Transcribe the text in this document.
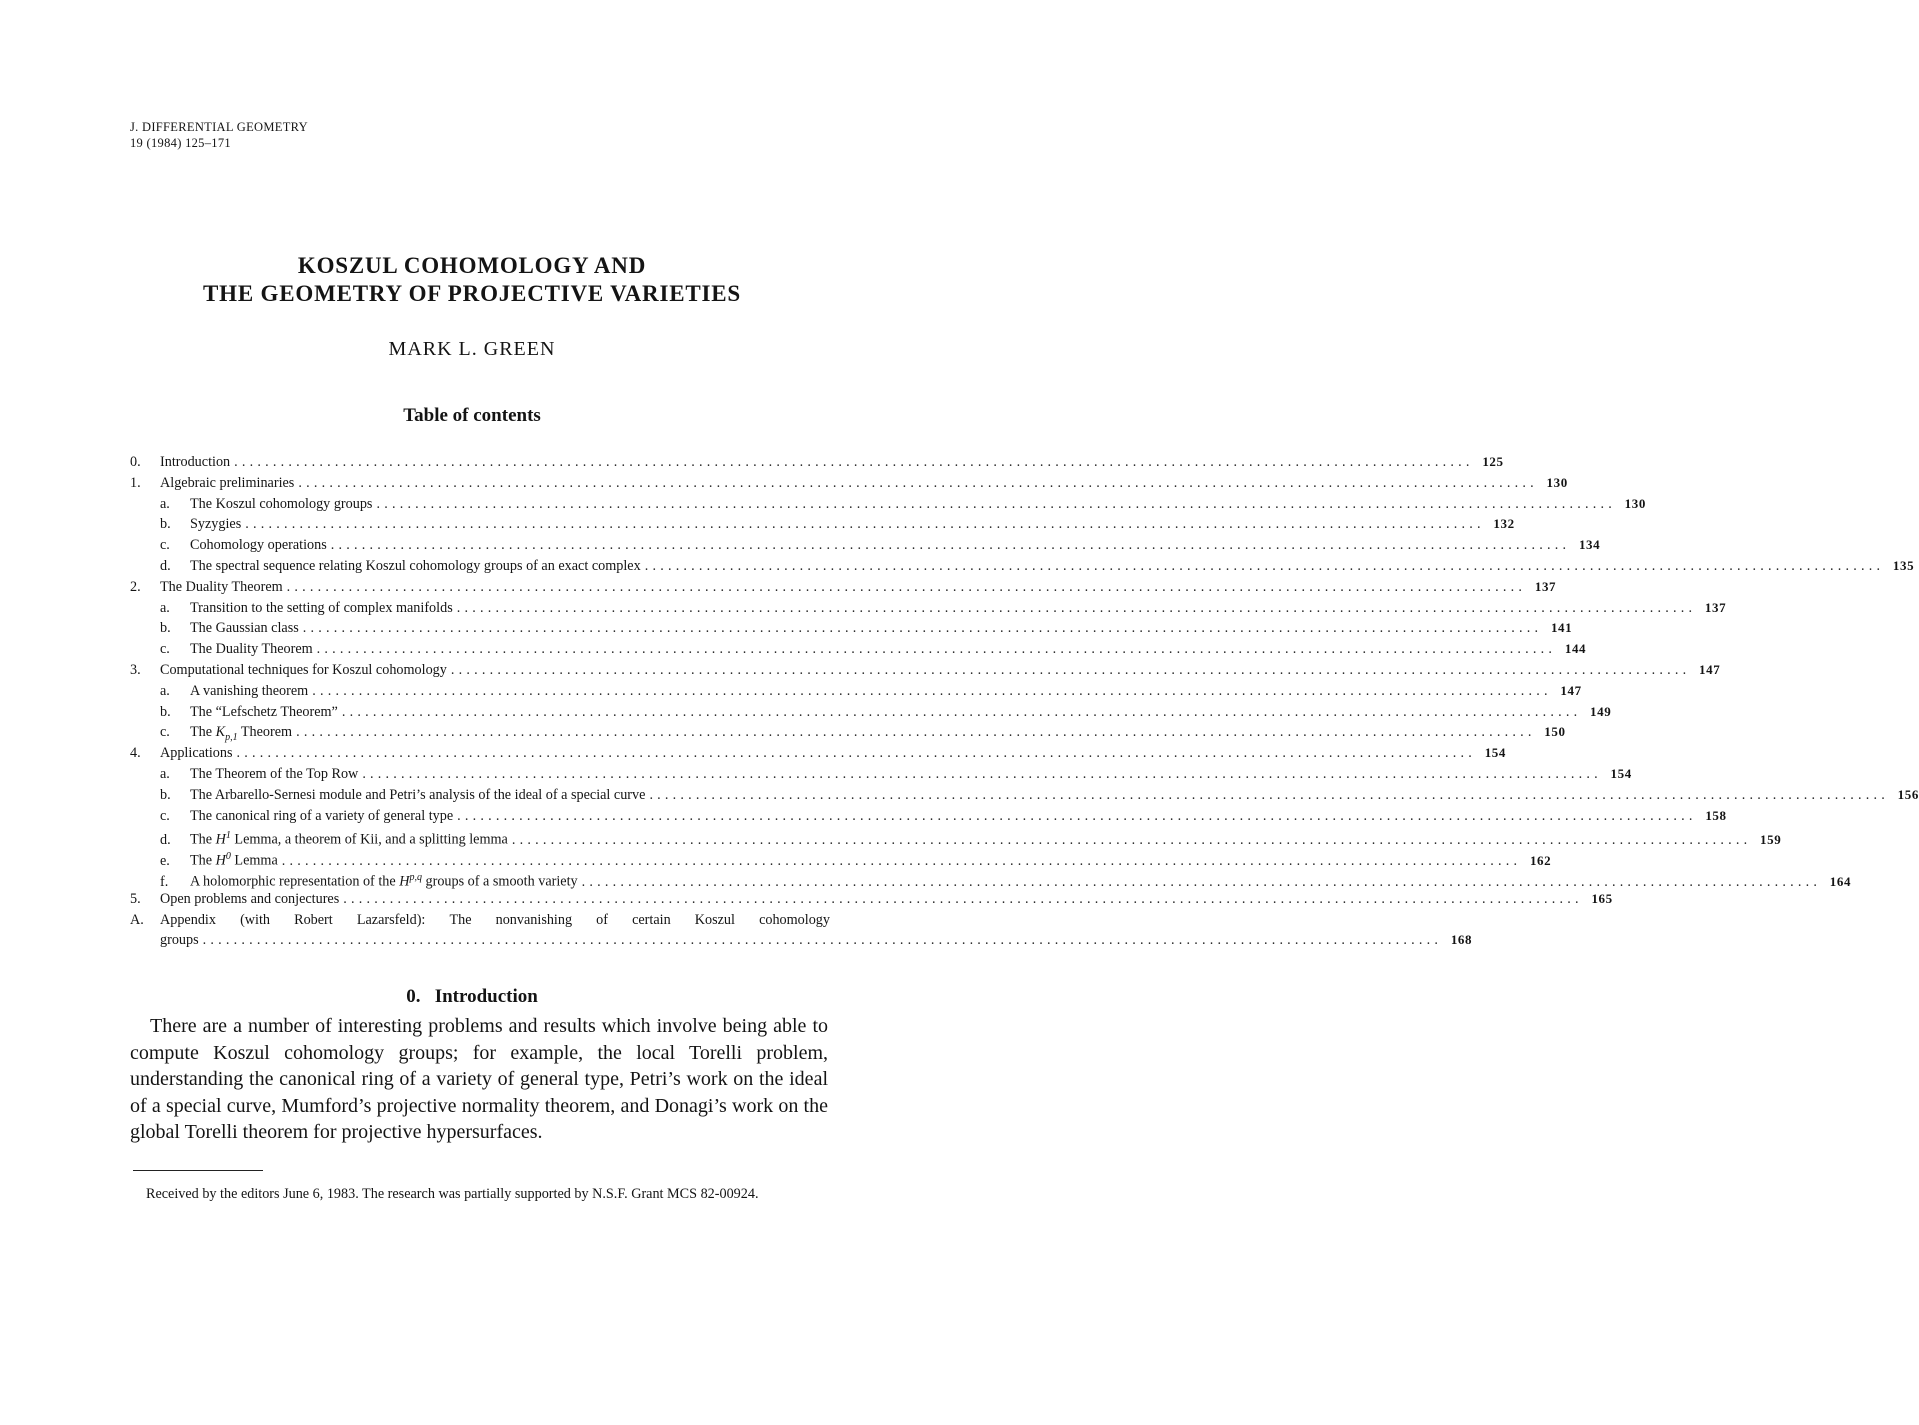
J. DIFFERENTIAL GEOMETRY
19 (1984) 125–171
KOSZUL COHOMOLOGY AND
THE GEOMETRY OF PROJECTIVE VARIETIES
MARK L. GREEN
Table of contents
0.	Introduction ................................................................................................................................................................ 125
1.	Algebraic preliminaries ................................................................................................................................................................ 130
a.	The Koszul cohomology groups ................................................................................................................................................................ 130
b.	Syzygies ................................................................................................................................................................ 132
c.	Cohomology operations ................................................................................................................................................................ 134
d.	The spectral sequence relating Koszul cohomology groups of an exact complex ................................................................................................................................................................ 135
2.	The Duality Theorem ................................................................................................................................................................ 137
a.	Transition to the setting of complex manifolds ................................................................................................................................................................ 137
b.	The Gaussian class ................................................................................................................................................................ 141
c.	The Duality Theorem ................................................................................................................................................................ 144
3.	Computational techniques for Koszul cohomology ................................................................................................................................................................ 147
a.	A vanishing theorem ................................................................................................................................................................ 147
b.	The “Lefschetz Theorem” ................................................................................................................................................................ 149
c.	The $K_{p,1}$ Theorem ................................................................................................................................................................ 150
4.	Applications ................................................................................................................................................................ 154
a.	The Theorem of the Top Row ................................................................................................................................................................ 154
b.	The Arbarello-Sernesi module and Petri’s analysis of the ideal of a special curve ................................................................................................................................................................ 156
c.	The canonical ring of a variety of general type ................................................................................................................................................................ 158
d.	The $H^1$ Lemma, a theorem of Kii, and a splitting lemma ................................................................................................................................................................ 159
e.	The $H^0$ Lemma ................................................................................................................................................................ 162
f.	A holomorphic representation of the H$^{p,q}$ groups of a smooth variety ................................................................................................................................................................ 164
5.	Open problems and conjectures ................................................................................................................................................................ 165
A.	Appendix (with Robert Lazarsfeld): The nonvanishing of certain Koszul cohomology
groups ................................................................................................................................................................ 168
0. Introduction
There are a number of interesting problems and results which involve being able to compute Koszul cohomology groups; for example, the local Torelli problem, understanding the canonical ring of a variety of general type, Petri’s work on the ideal of a special curve, Mumford’s projective normality theorem, and Donagi’s work on the global Torelli theorem for projective hypersurfaces.
Received by the editors June 6, 1983. The research was partially supported by N.S.F. Grant MCS 82-00924.
